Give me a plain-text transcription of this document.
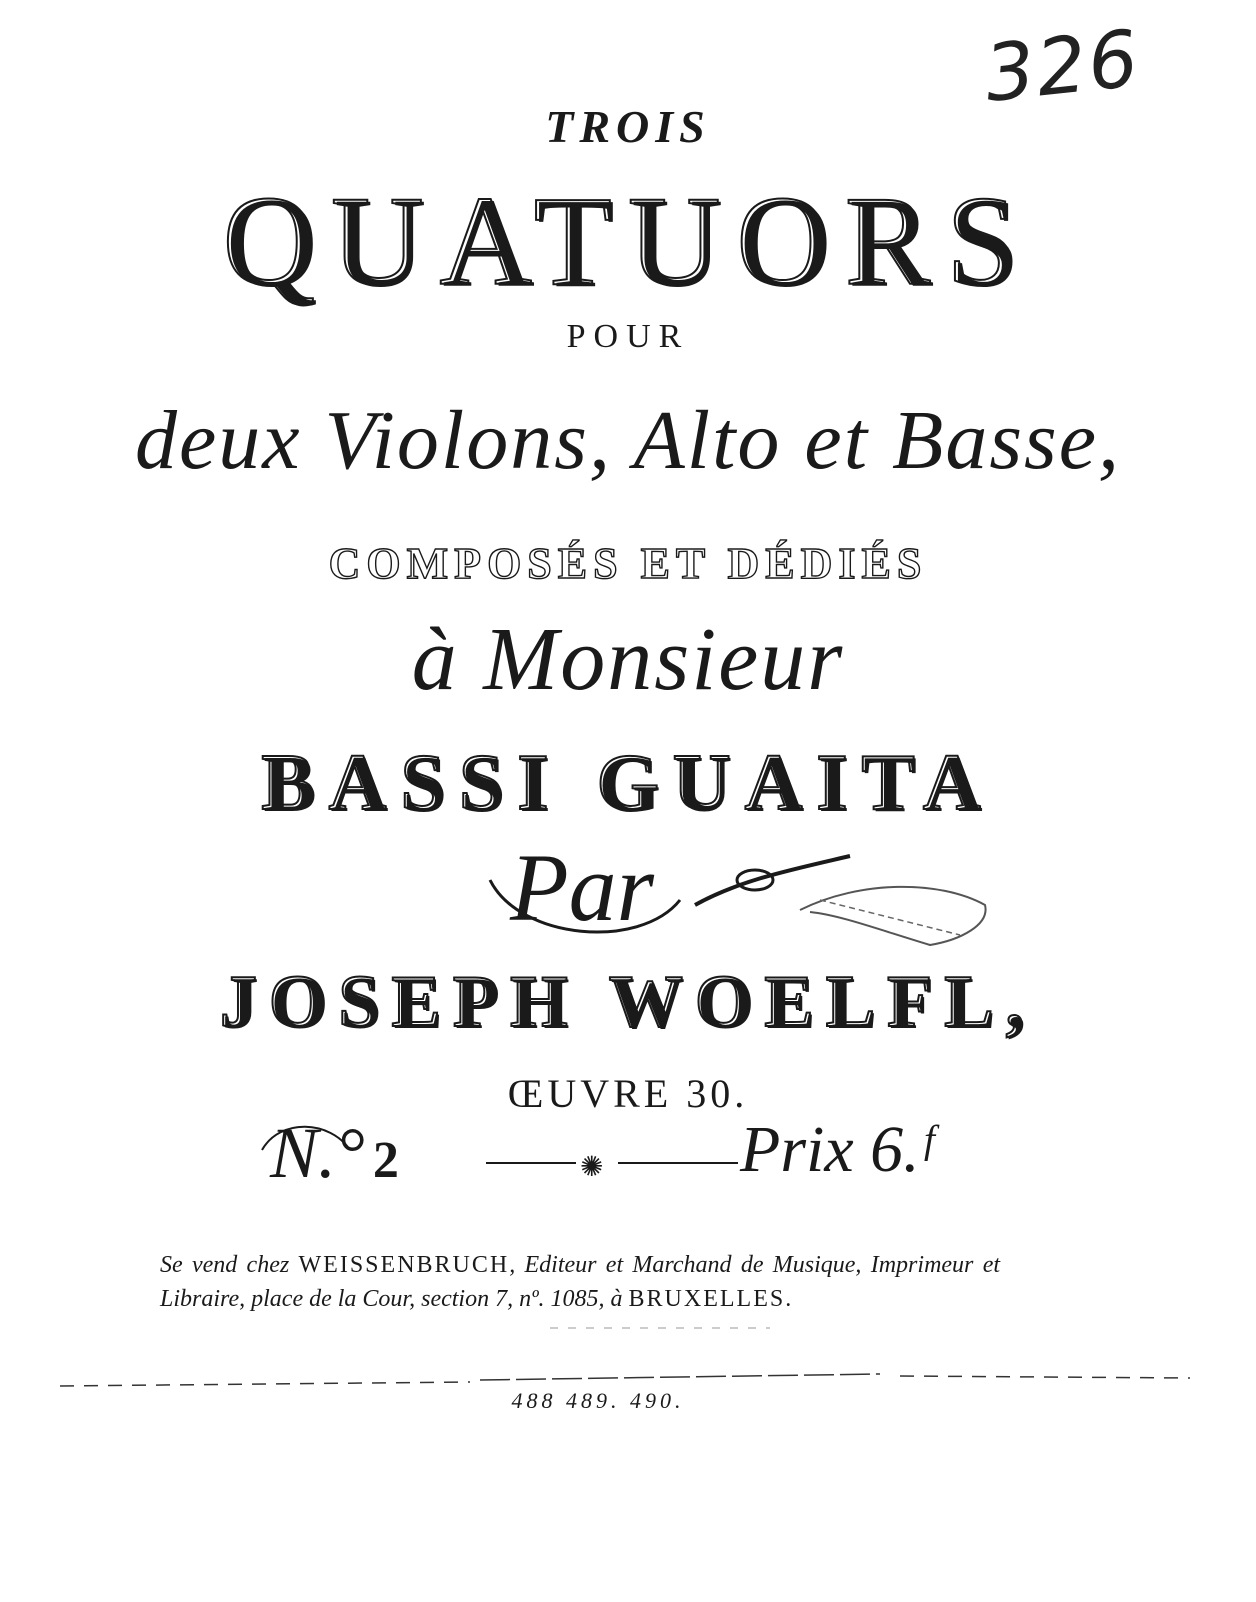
326
TROIS
QUATUORS
POUR
deux Violons, Alto et Basse,
COMPOSÉS ET DÉDIÉS
à Monsieur
BASSI GUAITA
Par
JOSEPH WOELFL,
ŒUVRE 30.
N.° 2	✺ Prix 6.ᶠ
Se vend chez WEISSENBRUCH, Editeur et Marchand de Musique, Imprimeur et Libraire, place de la Cour, section 7, nº. 1085, à BRUXELLES.
488 489. 490.
